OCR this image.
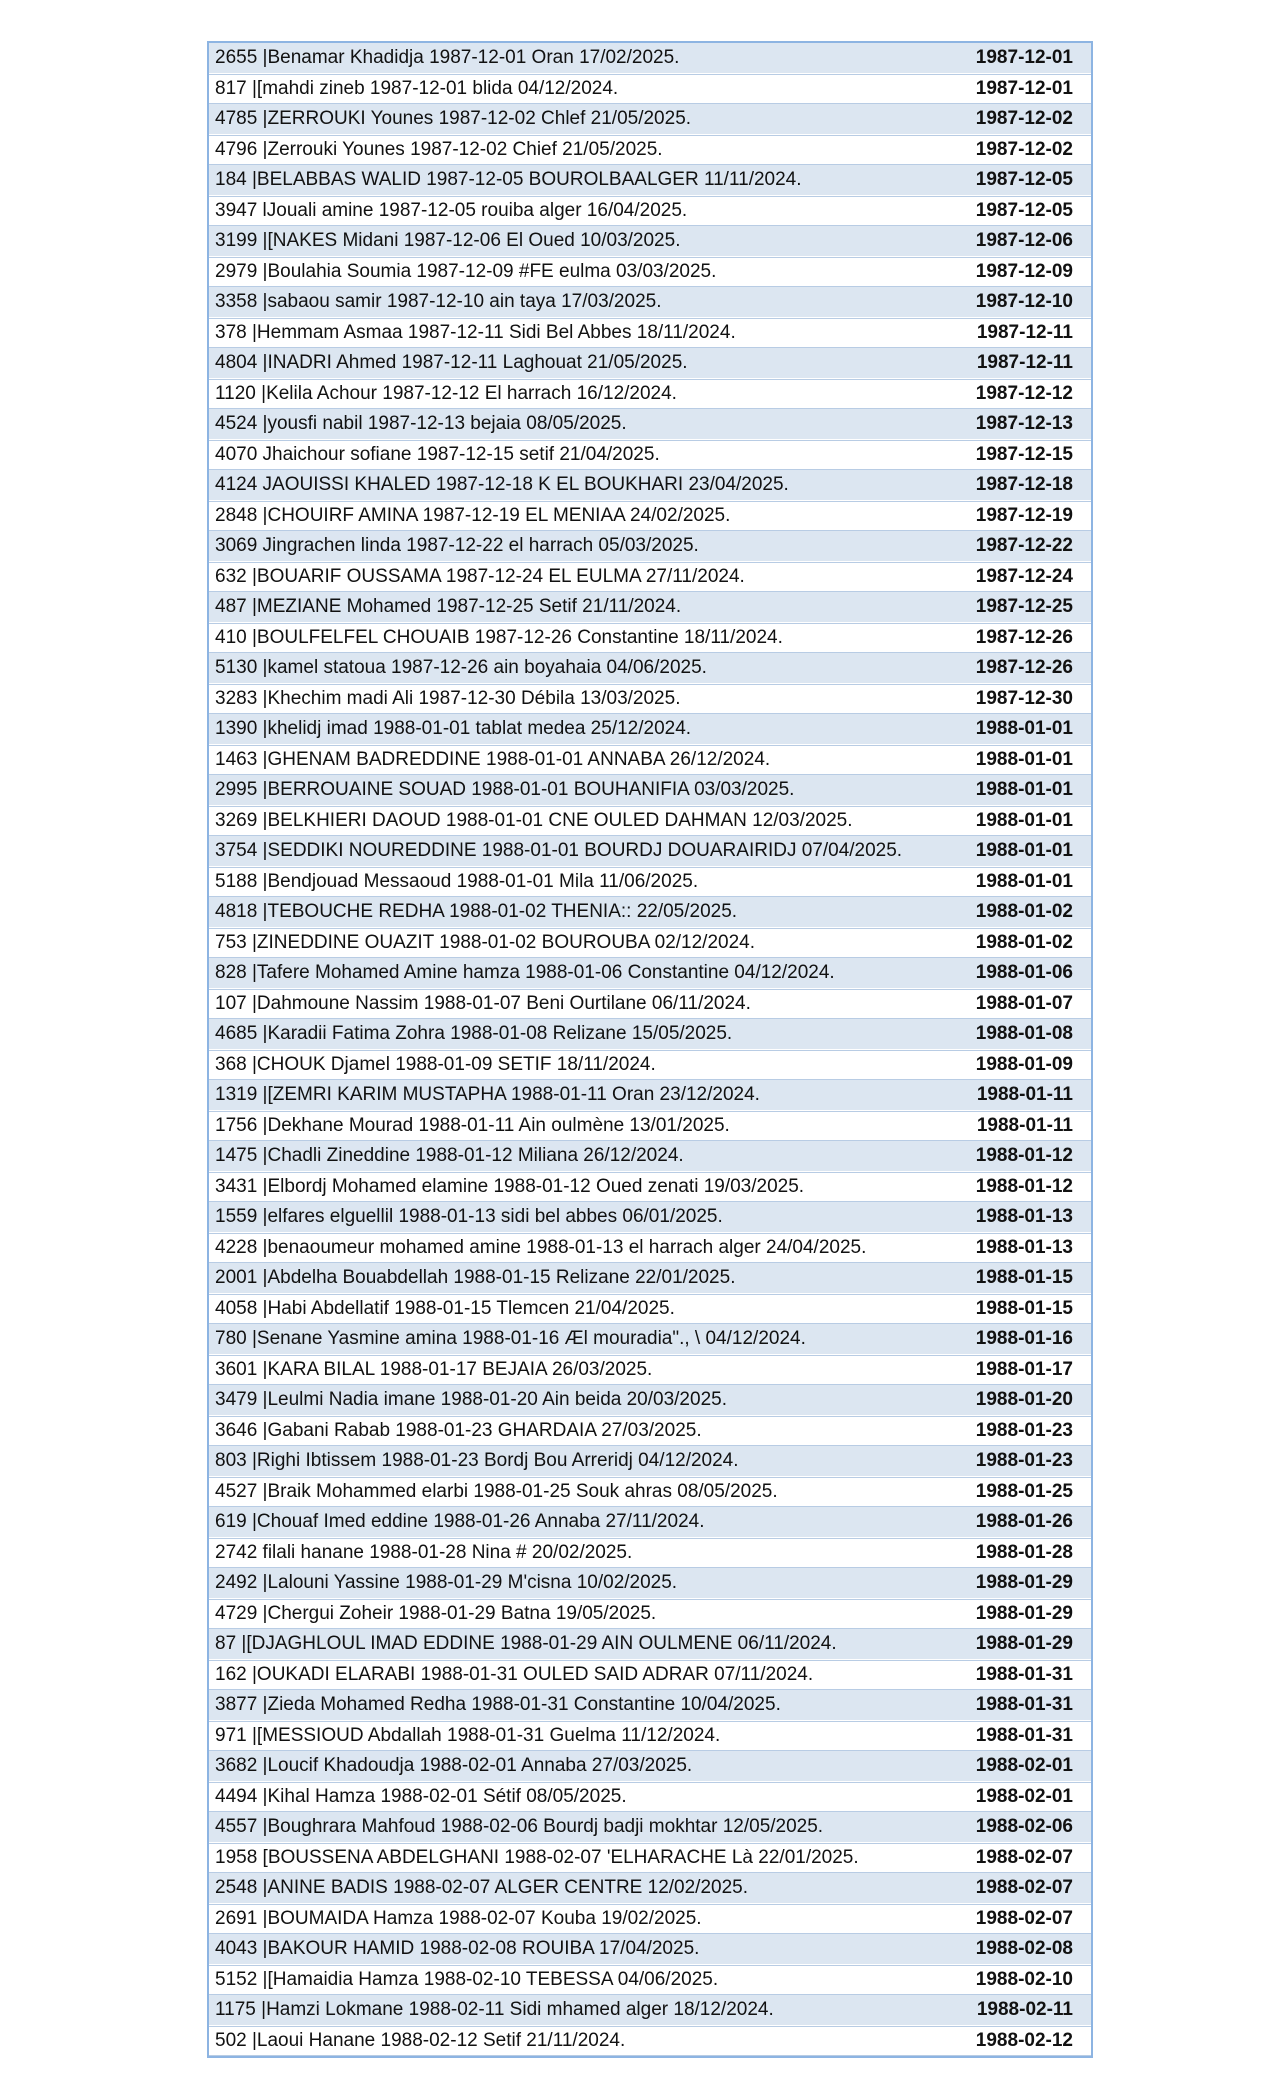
2655 |Benamar Khadidja 1987-12-01 Oran 17/02/2025.	1987-12-01
817 |[mahdi zineb 1987-12-01 blida 04/12/2024.	1987-12-01
4785 |ZERROUKI Younes 1987-12-02 Chlef 21/05/2025.	1987-12-02
4796 |Zerrouki Younes 1987-12-02 Chief 21/05/2025.	1987-12-02
184 |BELABBAS WALID 1987-12-05 BOUROLBAALGER 11/11/2024.	1987-12-05
3947 lJouali amine 1987-12-05 rouiba alger 16/04/2025.	1987-12-05
3199 |[NAKES Midani 1987-12-06 El Oued 10/03/2025.	1987-12-06
2979 |Boulahia Soumia 1987-12-09 #FE eulma 03/03/2025.	1987-12-09
3358 |sabaou samir 1987-12-10 ain taya 17/03/2025.	1987-12-10
378 |Hemmam Asmaa 1987-12-11 Sidi Bel Abbes 18/11/2024.	1987-12-11
4804 |INADRI Ahmed 1987-12-11 Laghouat 21/05/2025.	1987-12-11
1120 |Kelila Achour 1987-12-12 El harrach 16/12/2024.	1987-12-12
4524 |yousfi nabil 1987-12-13 bejaia 08/05/2025.	1987-12-13
4070 Jhaichour sofiane 1987-12-15 setif 21/04/2025.	1987-12-15
4124 JAOUISSI KHALED 1987-12-18 K EL BOUKHARI 23/04/2025.	1987-12-18
2848 |CHOUIRF AMINA 1987-12-19 EL MENIAA 24/02/2025.	1987-12-19
3069 Jingrachen linda 1987-12-22 el harrach 05/03/2025.	1987-12-22
632 |BOUARIF OUSSAMA 1987-12-24 EL EULMA 27/11/2024.	1987-12-24
487 |MEZIANE Mohamed 1987-12-25 Setif 21/11/2024.	1987-12-25
410 |BOULFELFEL CHOUAIB 1987-12-26 Constantine 18/11/2024.	1987-12-26
5130 |kamel statoua 1987-12-26 ain boyahaia 04/06/2025.	1987-12-26
3283 |Khechim madi Ali 1987-12-30 Débila 13/03/2025.	1987-12-30
1390 |khelidj imad 1988-01-01 tablat medea 25/12/2024.	1988-01-01
1463 |GHENAM BADREDDINE 1988-01-01 ANNABA 26/12/2024.	1988-01-01
2995 |BERROUAINE SOUAD 1988-01-01 BOUHANIFIA 03/03/2025.	1988-01-01
3269 |BELKHIERI DAOUD 1988-01-01 CNE OULED DAHMAN 12/03/2025.	1988-01-01
3754 |SEDDIKI NOUREDDINE 1988-01-01 BOURDJ DOUARAIRIDJ 07/04/2025.	1988-01-01
5188 |Bendjouad Messaoud 1988-01-01 Mila 11/06/2025.	1988-01-01
4818 |TEBOUCHE REDHA 1988-01-02 THENIA:: 22/05/2025.	1988-01-02
753 |ZINEDDINE OUAZIT 1988-01-02 BOUROUBA 02/12/2024.	1988-01-02
828 |Tafere Mohamed Amine hamza 1988-01-06 Constantine 04/12/2024.	1988-01-06
107 |Dahmoune Nassim 1988-01-07 Beni Ourtilane 06/11/2024.	1988-01-07
4685 |Karadii Fatima Zohra 1988-01-08 Relizane 15/05/2025.	1988-01-08
368 |CHOUK Djamel 1988-01-09 SETIF 18/11/2024.	1988-01-09
1319 |[ZEMRI KARIM MUSTAPHA 1988-01-11 Oran 23/12/2024.	1988-01-11
1756 |Dekhane Mourad 1988-01-11 Ain oulmène 13/01/2025.	1988-01-11
1475 |Chadli Zineddine 1988-01-12 Miliana 26/12/2024.	1988-01-12
3431 |Elbordj Mohamed elamine 1988-01-12 Oued zenati 19/03/2025.	1988-01-12
1559 |elfares elguellil 1988-01-13 sidi bel abbes 06/01/2025.	1988-01-13
4228 |benaoumeur mohamed amine 1988-01-13 el harrach alger 24/04/2025.	1988-01-13
2001 |Abdelha Bouabdellah 1988-01-15 Relizane 22/01/2025.	1988-01-15
4058 |Habi Abdellatif 1988-01-15 Tlemcen 21/04/2025.	1988-01-15
780 |Senane Yasmine amina 1988-01-16 Æl mouradia"., \ 04/12/2024.	1988-01-16
3601 |KARA BILAL 1988-01-17 BEJAIA 26/03/2025.	1988-01-17
3479 |Leulmi Nadia imane 1988-01-20 Ain beida 20/03/2025.	1988-01-20
3646 |Gabani Rabab 1988-01-23 GHARDAIA 27/03/2025.	1988-01-23
803 |Righi Ibtissem 1988-01-23 Bordj Bou Arreridj 04/12/2024.	1988-01-23
4527 |Braik Mohammed elarbi 1988-01-25 Souk ahras 08/05/2025.	1988-01-25
619 |Chouaf Imed eddine 1988-01-26 Annaba 27/11/2024.	1988-01-26
2742 filali hanane 1988-01-28 Nina # 20/02/2025.	1988-01-28
2492 |Lalouni Yassine 1988-01-29 M'cisna 10/02/2025.	1988-01-29
4729 |Chergui Zoheir 1988-01-29 Batna 19/05/2025.	1988-01-29
87 |[DJAGHLOUL IMAD EDDINE 1988-01-29 AIN OULMENE 06/11/2024.	1988-01-29
162 |OUKADI ELARABI 1988-01-31 OULED SAID ADRAR 07/11/2024.	1988-01-31
3877 |Zieda Mohamed Redha 1988-01-31 Constantine 10/04/2025.	1988-01-31
971 |[MESSIOUD Abdallah 1988-01-31 Guelma 11/12/2024.	1988-01-31
3682 |Loucif Khadoudja 1988-02-01 Annaba 27/03/2025.	1988-02-01
4494 |Kihal Hamza 1988-02-01 Sétif 08/05/2025.	1988-02-01
4557 |Boughrara Mahfoud 1988-02-06 Bourdj badji mokhtar 12/05/2025.	1988-02-06
1958 [BOUSSENA ABDELGHANI 1988-02-07 'ELHARACHE Là 22/01/2025.	1988-02-07
2548 |ANINE BADIS 1988-02-07 ALGER CENTRE 12/02/2025.	1988-02-07
2691 |BOUMAIDA Hamza 1988-02-07 Kouba 19/02/2025.	1988-02-07
4043 |BAKOUR HAMID 1988-02-08 ROUIBA 17/04/2025.	1988-02-08
5152 |[Hamaidia Hamza 1988-02-10 TEBESSA 04/06/2025.	1988-02-10
1175 |Hamzi Lokmane 1988-02-11 Sidi mhamed alger 18/12/2024.	1988-02-11
502 |Laoui Hanane 1988-02-12 Setif 21/11/2024.	1988-02-12
